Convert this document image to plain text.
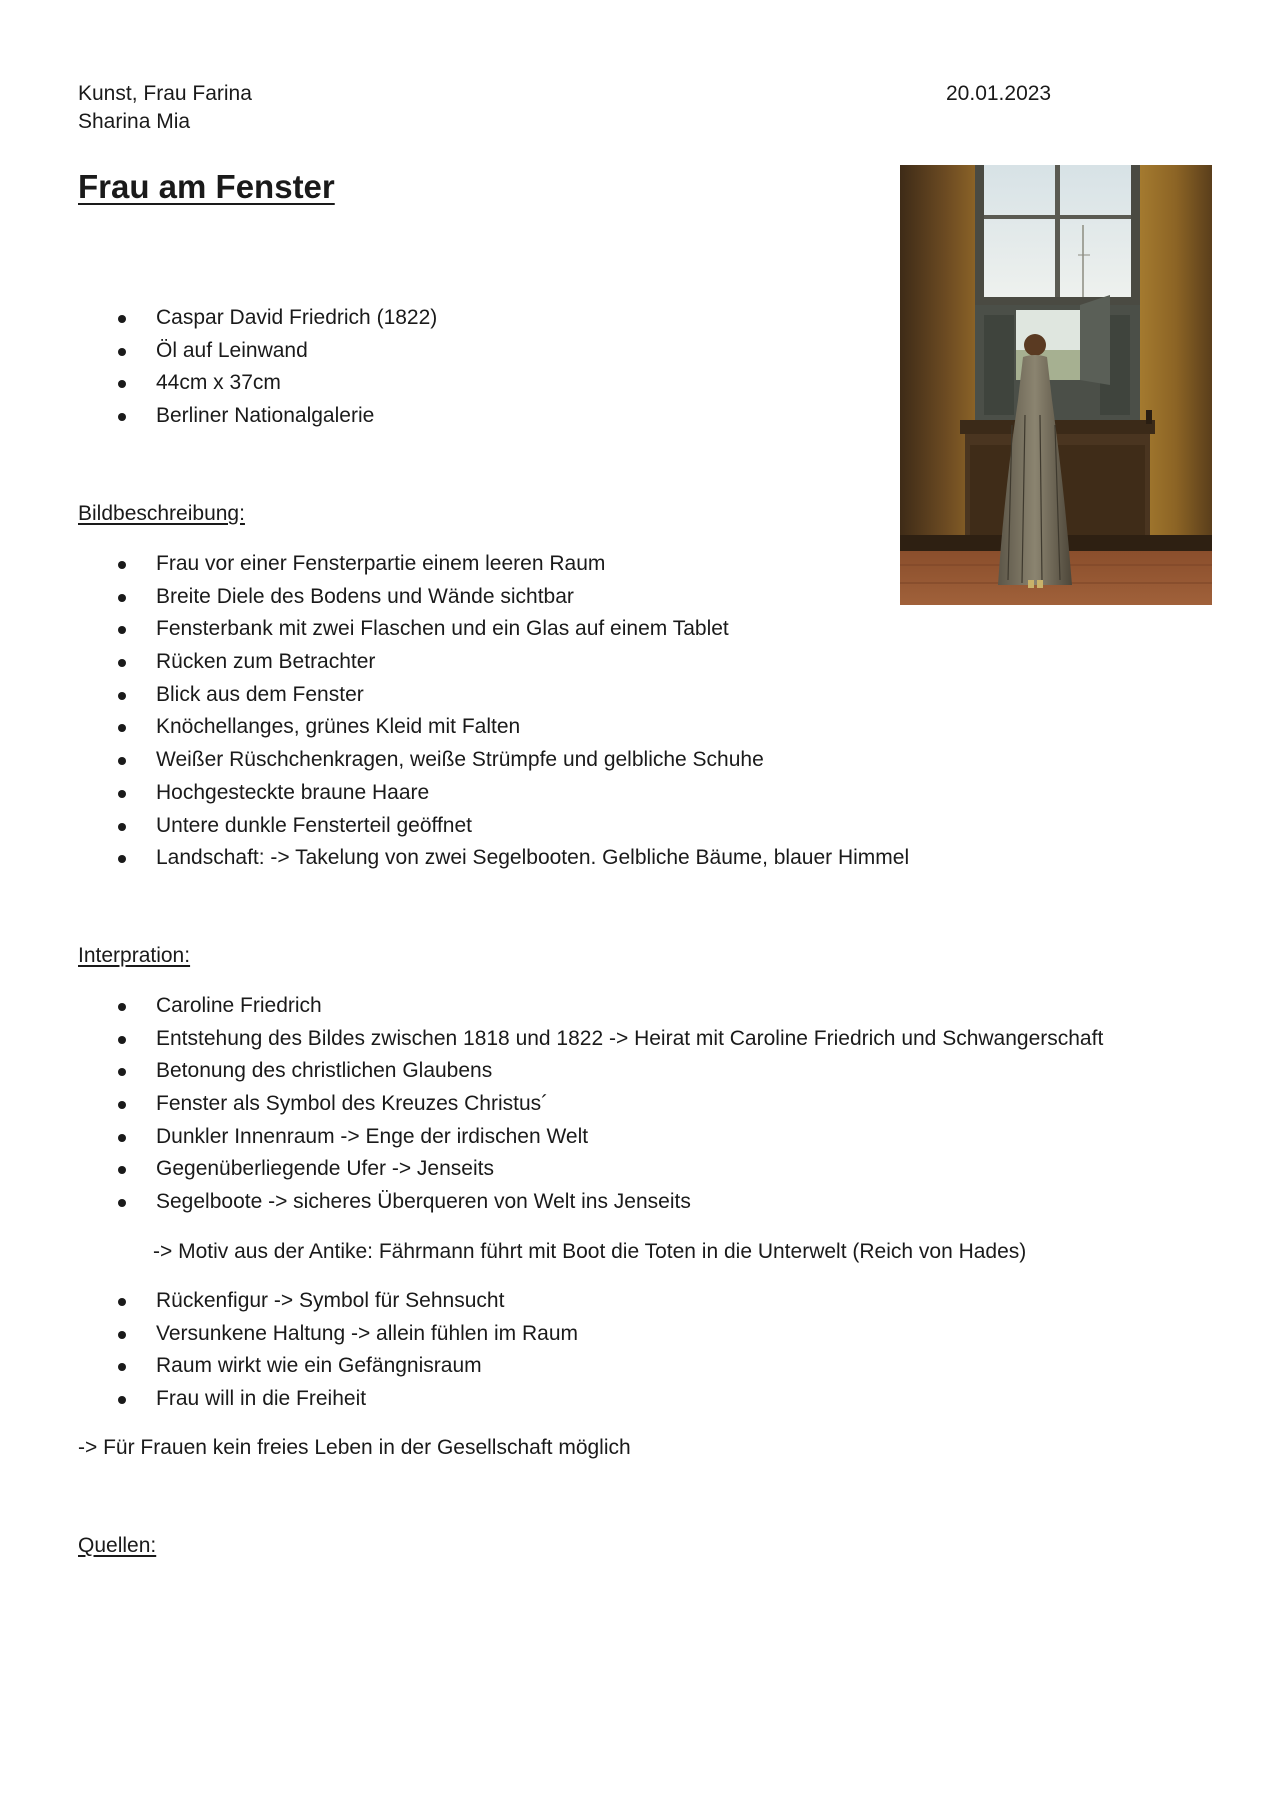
Kunst, Frau Farina
Sharina Mia
20.01.2023
Frau am Fenster
Caspar David Friedrich (1822)
Öl auf Leinwand
44cm x 37cm
Berliner Nationalgalerie
Bildbeschreibung:
Frau vor einer Fensterpartie einem leeren Raum
Breite Diele des Bodens und Wände sichtbar
Fensterbank mit zwei Flaschen und ein Glas auf einem Tablet
Rücken zum Betrachter
Blick aus dem Fenster
Knöchellanges, grünes Kleid mit Falten
Weißer Rüschchenkragen, weiße Strümpfe und gelbliche Schuhe
Hochgesteckte braune Haare
Untere dunkle Fensterteil geöffnet
Landschaft: -> Takelung von zwei Segelbooten. Gelbliche Bäume, blauer Himmel
Interpration:
Caroline Friedrich
Entstehung des Bildes zwischen 1818 und 1822 -> Heirat mit Caroline Friedrich und Schwangerschaft
Betonung des christlichen Glaubens
Fenster als Symbol des Kreuzes Christus´
Dunkler Innenraum -> Enge der irdischen Welt
Gegenüberliegende Ufer -> Jenseits
Segelboote -> sicheres Überqueren von Welt ins Jenseits
-> Motiv aus der Antike: Fährmann führt mit Boot die Toten in die Unterwelt (Reich von Hades)
Rückenfigur -> Symbol für Sehnsucht
Versunkene Haltung -> allein fühlen im Raum
Raum wirkt wie ein Gefängnisraum
Frau will in die Freiheit
-> Für Frauen kein freies Leben in der Gesellschaft möglich
Quellen:
